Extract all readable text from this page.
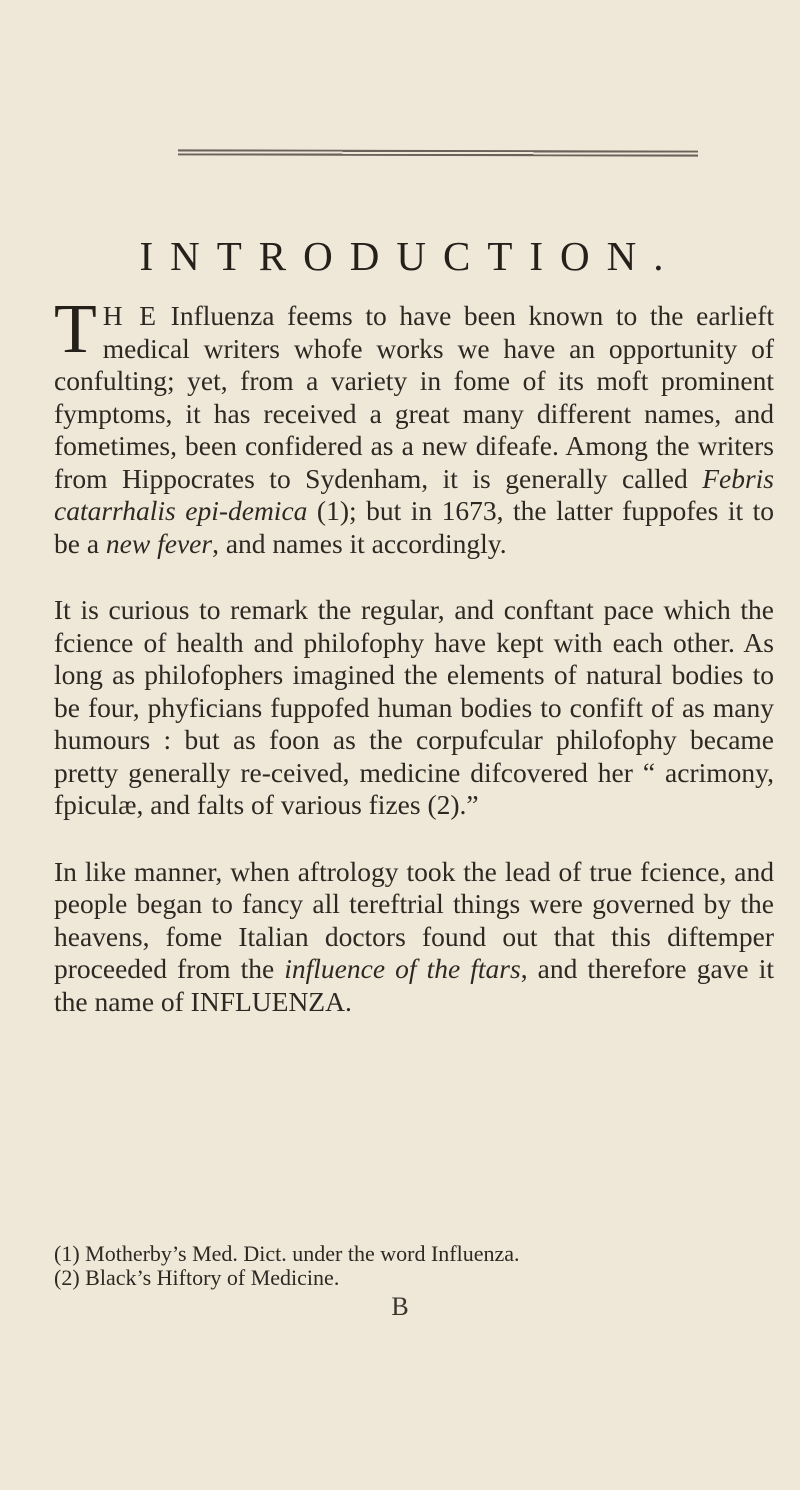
INTRODUCTION.

T H E Influenza feems to have been known to the earlieft medical writers whofe works we have an opportunity of confulting; yet, from a variety in fome of its moft prominent fymptoms, it has received a great many different names, and fometimes, been confidered as a new difeafe. Among the writers from Hippocrates to Sydenham, it is generally called Febris catarrhalis epi-demica (1); but in 1673, the latter fuppofes it to be a new fever, and names it accordingly.

It is curious to remark the regular, and conftant pace which the fcience of health and philofophy have kept with each other. As long as philofophers imagined the elements of natural bodies to be four, phyficians fuppofed human bodies to confift of as many humours : but as foon as the corpufcular philofophy became pretty generally re-ceived, medicine difcovered her “ acrimony, fpiculæ, and falts of various fizes (2).”

In like manner, when aftrology took the lead of true fcience, and people began to fancy all tereftrial things were governed by the heavens, fome Italian doctors found out that this diftemper proceeded from the influence of the ftars, and therefore gave it the name of INFLUENZA.

(1) Motherby’s Med. Dict. under the word Influenza.
(2) Black’s Hiftory of Medicine.
B
